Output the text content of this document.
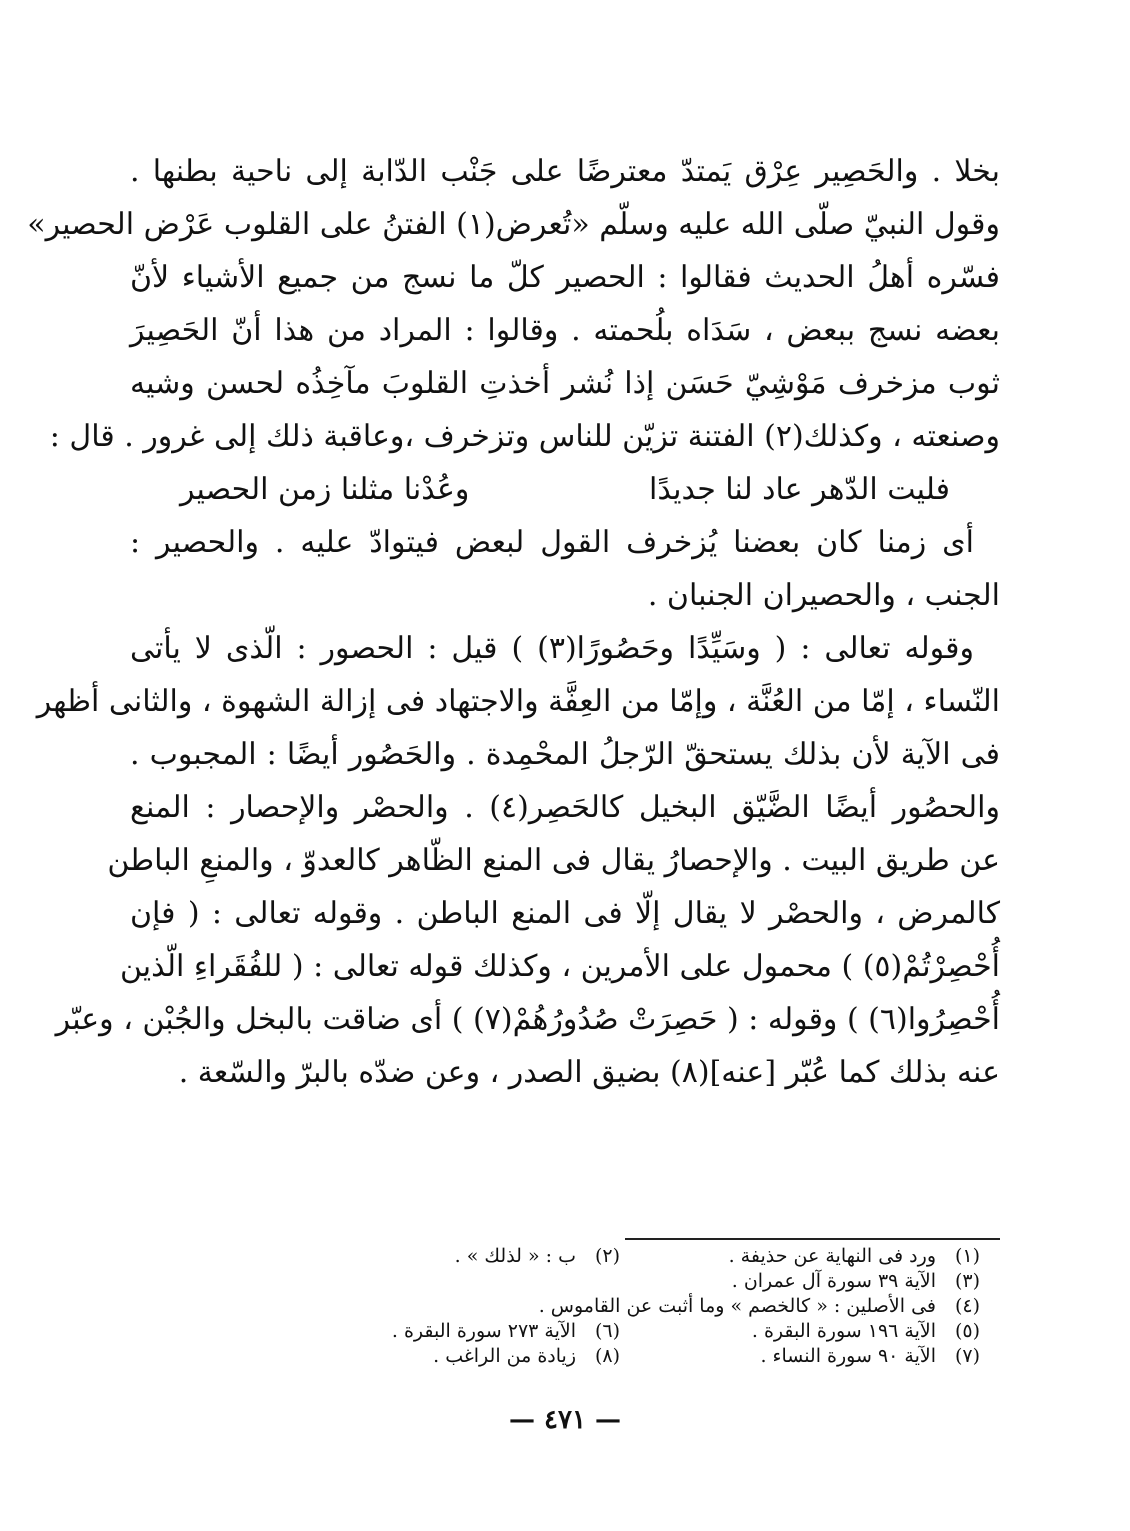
بخلا . والحَصِير عِرْق يَمتدّ معترضًا على جَنْب الدّابة إلى ناحية بطنها .
وقول النبيّ صلّى الله عليه وسلّم «تُعرض(١) الفتنُ على القلوب عَرْض الحصير»
فسّره أهلُ الحديث فقالوا : الحصير كلّ ما نسج من جميع الأشياء لأنّ
بعضه نسج ببعض ، سَدَاه بلُحمته . وقالوا : المراد من هذا أنّ الحَصِيرَ
ثوب مزخرف مَوْشِيّ حَسَن إذا نُشر أخذتِ القلوبَ مآخِذُه لحسن وشيه
وصنعته ، وكذلك(٢) الفتنة تزيّن للناس وتزخرف ،وعاقبة ذلك إلى غرور . قال :
فليت الدّهر عاد لنا جديدًا
وعُدْنا مثلنا زمن الحصير
أى زمنا كان بعضنا يُزخرف القول لبعض فيتوادّ عليه . والحصير :
الجنب ، والحصيران الجنبان .
وقوله تعالى : ( وسَيِّدًا وحَصُورًا(٣) ) قيل : الحصور : الّذى لا يأتى
النّساء ، إمّا من العُنَّة ، وإمّا من العِفَّة والاجتهاد فى إزالة الشهوة ، والثانى أظهر
فى الآية لأن بذلك يستحقّ الرّجلُ المحْمِدة . والحَصُور أيضًا : المجبوب .
والحصُور أيضًا الضَّيّق البخيل كالحَصِر(٤) . والحصْر والإحصار : المنع
عن طريق البيت . والإحصارُ يقال فى المنع الظّاهر كالعدوّ ، والمنعِ الباطن
كالمرض ، والحصْر لا يقال إلّا فى المنع الباطن . وقوله تعالى : ( فإن
أُحْصِرْتُمْ(٥) ) محمول على الأمرين ، وكذلك قوله تعالى : ( للفُقَراءِ الّذين
أُحْصِرُوا(٦) ) وقوله : ( حَصِرَتْ صُدُورُهُمْ(٧) ) أى ضاقت بالبخل والجُبْن ، وعبّر
عنه بذلك كما عُبّر [عنه](٨) بضيق الصدر ، وعن ضدّه بالبرّ والسّعة .
(١)
ورد فى النهاية عن حذيفة .
(٢)
ب : « لذلك » .
(٣)
الآية ٣٩ سورة آل عمران .
(٤)
فى الأصلين : « كالخصم » وما أثبت عن القاموس .
(٥)
الآية ١٩٦ سورة البقرة .
(٦)
الآية ٢٧٣ سورة البقرة .
(٧)
الآية ٩٠ سورة النساء .
(٨)
زيادة من الراغب .
— ٤٧١ —
